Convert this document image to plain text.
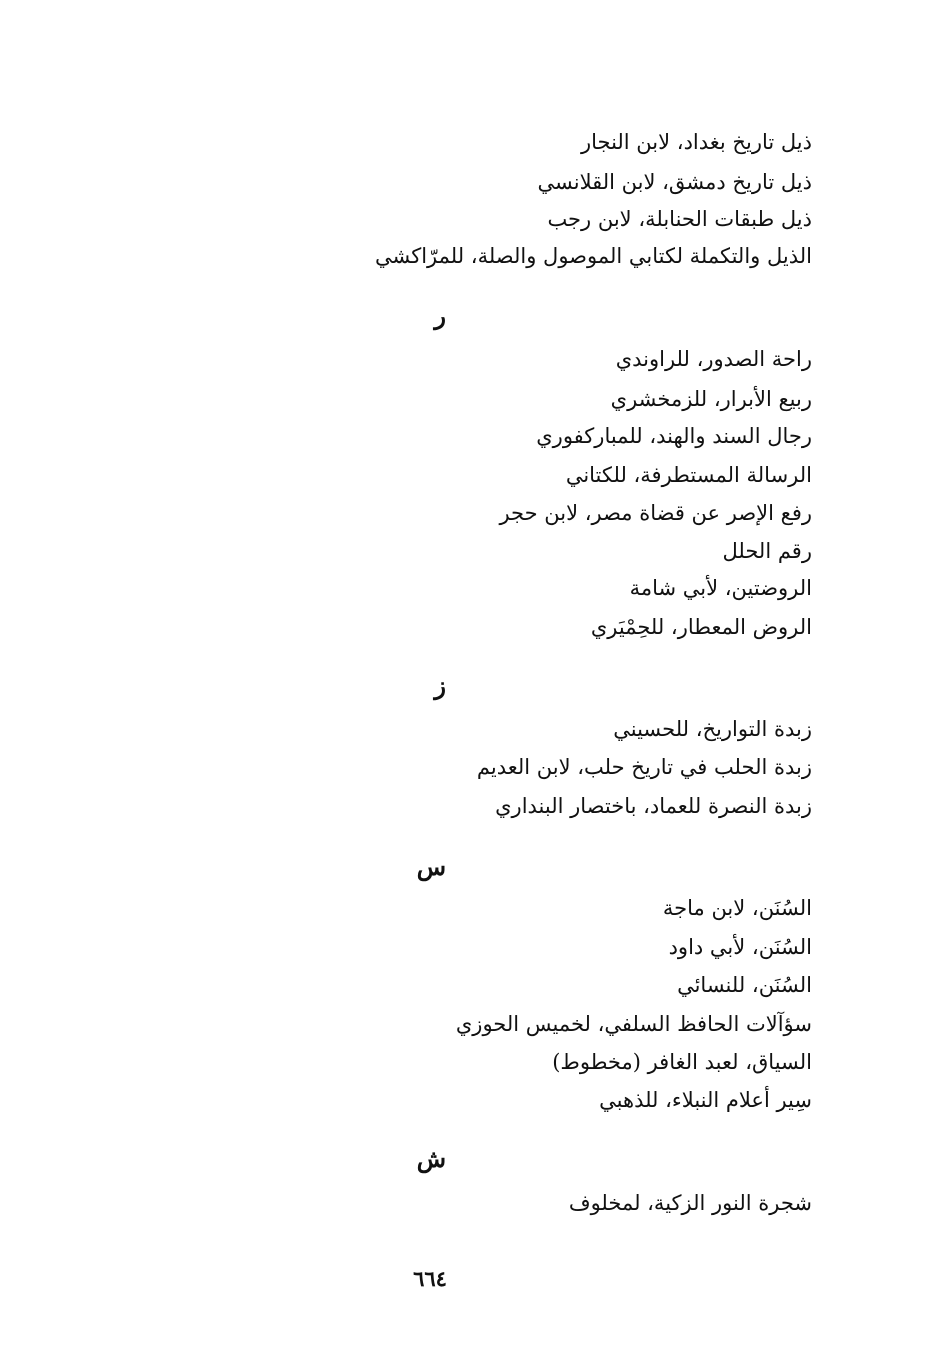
ذيل تاريخ بغداد، لابن النجار
ذيل تاريخ دمشق، لابن القلانسي
ذيل طبقات الحنابلة، لابن رجب
الذيل والتكملة لكتابي الموصول والصلة، للمرّاكشي
ر
راحة الصدور، للراوندي
ربيع الأبرار، للزمخشري
رجال السند والهند، للمباركفوري
الرسالة المستطرفة، للكتاني
رفع الإصر عن قضاة مصر، لابن حجر
رقم الحلل
الروضتين، لأبي شامة
الروض المعطار، للحِمْيَري
ز
زبدة التواريخ، للحسيني
زبدة الحلب في تاريخ حلب، لابن العديم
زبدة النصرة للعماد، باختصار البنداري
س
السُنَن، لابن ماجة
السُنَن، لأبي داود
السُنَن، للنسائي
سؤآلات الحافظ السلفي، لخميس الحوزي
السياق، لعبد الغافر (مخطوط)
سِير أعلام النبلاء، للذهبي
ش
شجرة النور الزكية، لمخلوف
٦٦٤
